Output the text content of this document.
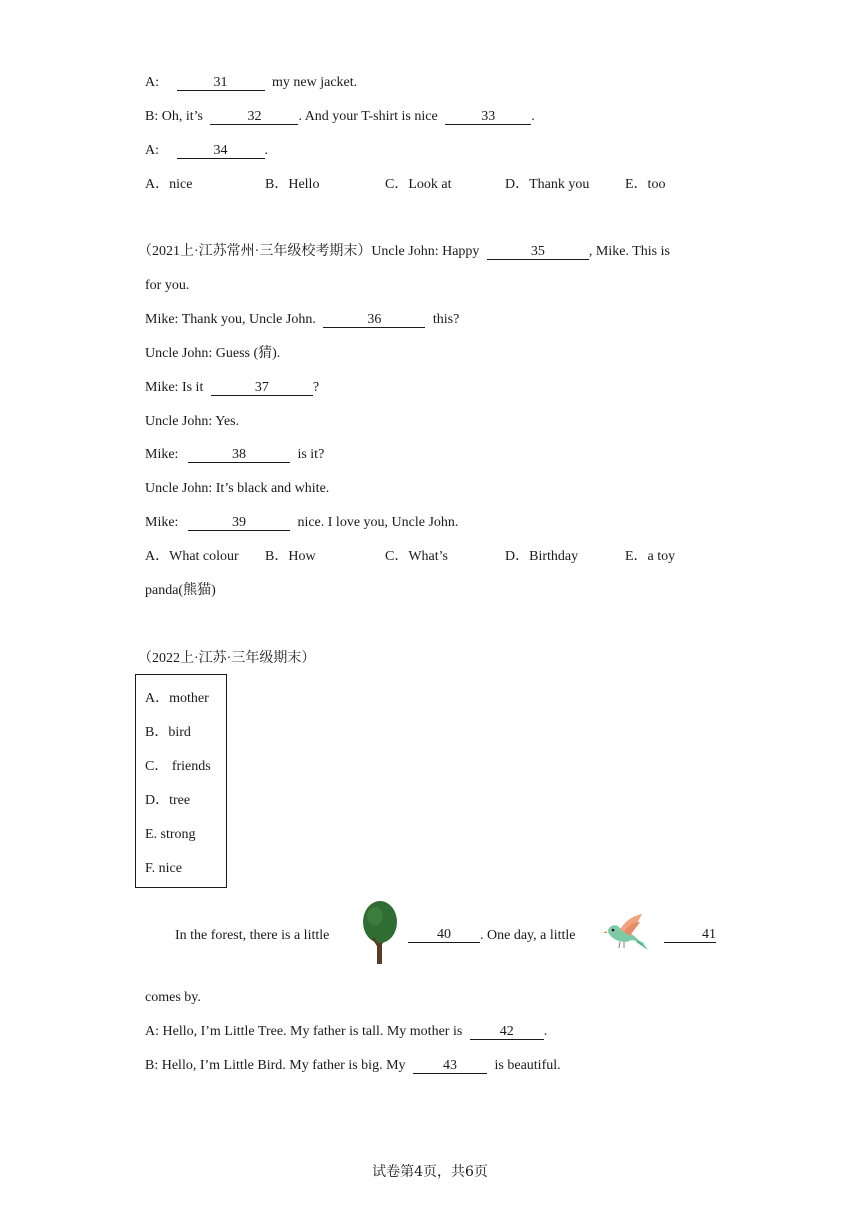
A:	31	my new jacket.
B: Oh, it’s	32	. And your T-shirt is nice	33	.
A:	34	.
A．nice	B．Hello	C．Look at	D．Thank you	E．too
（2021上·江苏常州·三年级校考期末）Uncle John: Happy	35	, Mike. This is
for you.
Mike: Thank you, Uncle John.	36	this?
Uncle John: Guess (猜).
Mike: Is it	37	?
Uncle John: Yes.
Mike:	38	is it?
Uncle John: It’s black and white.
Mike:	39	nice. I love you, Uncle John.
A．What colour B．How	C．What’s	D．Birthday	E．a toy
panda(熊猫)
（2022上·江苏·三年级期末）
A．mother
B．bird
C． friends
D．tree
E. strong
F. nice
In the forest, there is a little	40	. One day, a little	41
comes by.
A: Hello, I’m Little Tree. My father is tall. My mother is	42 .
B: Hello, I’m Little Bird. My father is big. My	43	is beautiful.
试卷第4页，共6页
